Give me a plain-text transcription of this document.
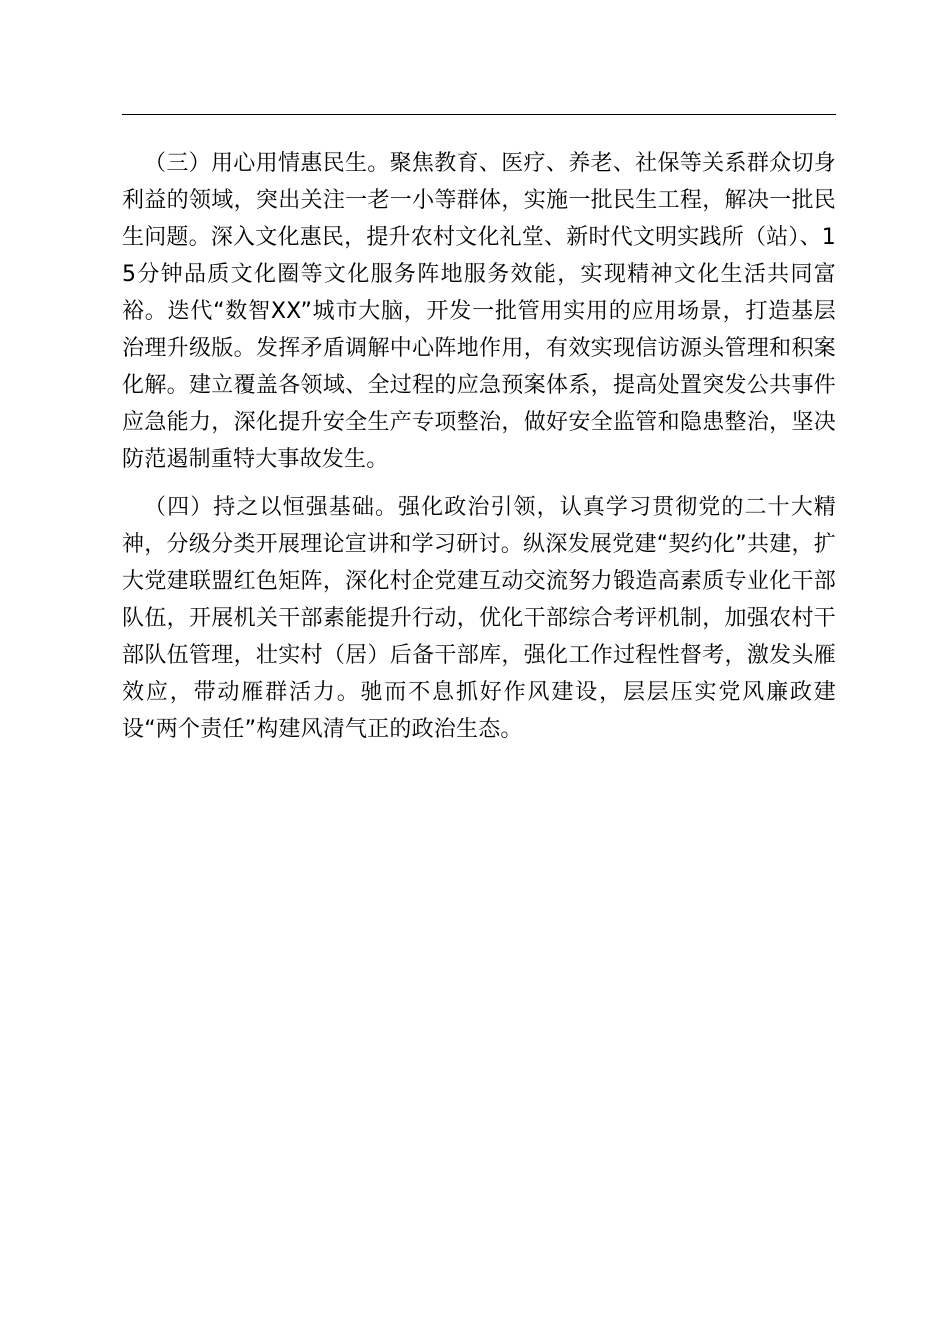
（三）用心用情惠民生。聚焦教育、医疗、养老、社保等关系群众切身利益的领域，突出关注一老一小等群体，实施一批民生工程，解决一批民生问题。深入文化惠民，提升农村文化礼堂、新时代文明实践所（站）、15分钟品质文化圈等文化服务阵地服务效能，实现精神文化生活共同富裕。迭代“数智XX”城市大脑，开发一批管用实用的应用场景，打造基层治理升级版。发挥矛盾调解中心阵地作用，有效实现信访源头管理和积案化解。建立覆盖各领域、全过程的应急预案体系，提高处置突发公共事件应急能力，深化提升安全生产专项整治，做好安全监管和隐患整治，坚决防范遏制重特大事故发生。

（四）持之以恒强基础。强化政治引领，认真学习贯彻党的二十大精神，分级分类开展理论宣讲和学习研讨。纵深发展党建“契约化”共建，扩大党建联盟红色矩阵，深化村企党建互动交流努力锻造高素质专业化干部队伍，开展机关干部素能提升行动，优化干部综合考评机制，加强农村干部队伍管理，壮实村（居）后备干部库，强化工作过程性督考，激发头雁效应，带动雁群活力。驰而不息抓好作风建设，层层压实党风廉政建设“两个责任”构建风清气正的政治生态。
